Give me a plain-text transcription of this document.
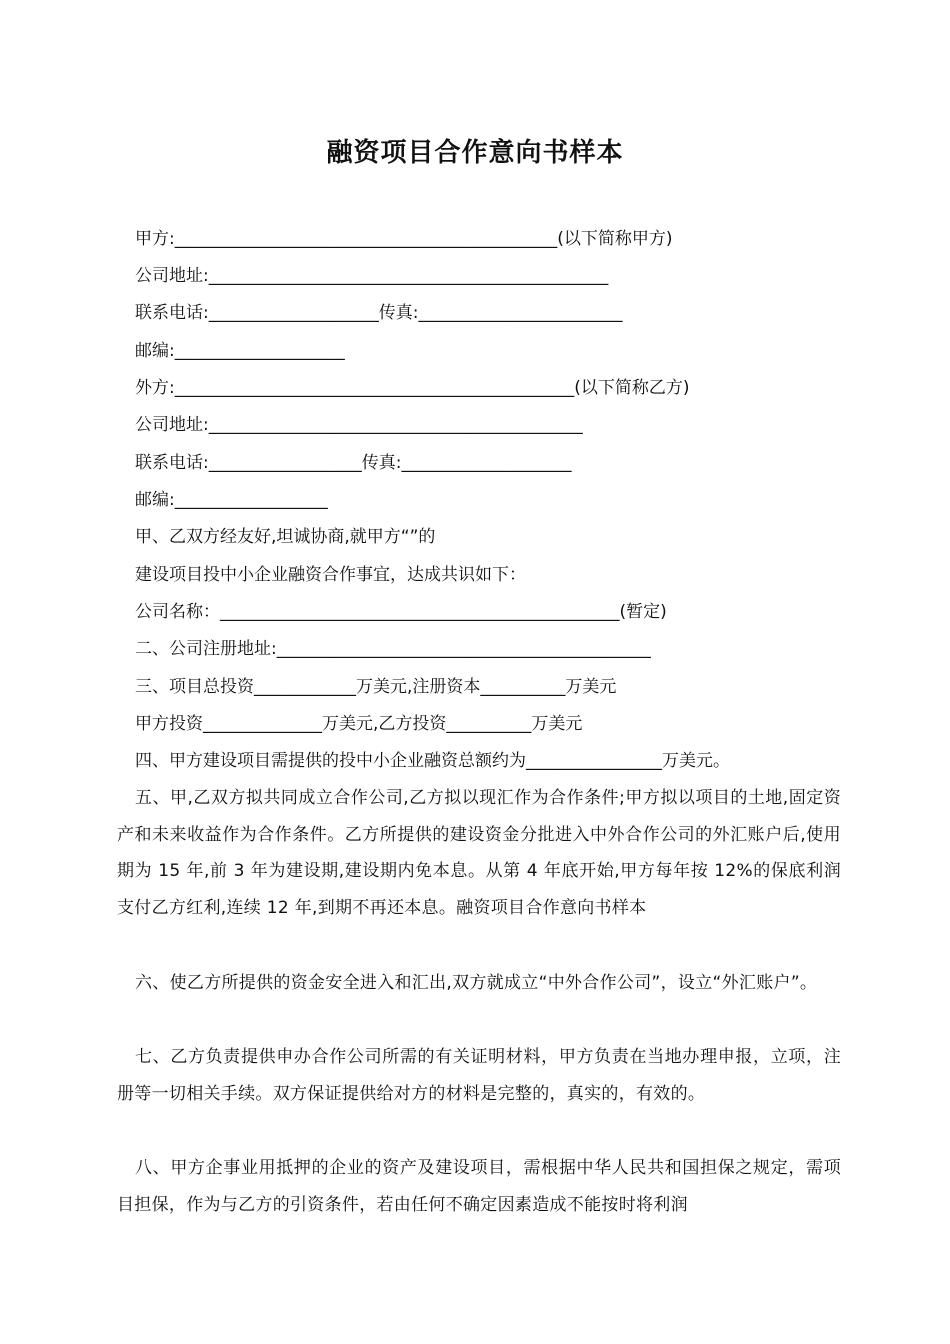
融资项目合作意向书样本
甲方:_____________________________________________(以下简称甲方)
公司地址:_______________________________________________
联系电话:____________________传真:________________________
邮编:____________________
外方:_______________________________________________(以下简称乙方)
公司地址:____________________________________________
联系电话:__________________传真:____________________
邮编:__________________
甲、乙双方经友好,坦诚协商,就甲方“”的
建设项目投中小企业融资合作事宜，达成共识如下：
公司名称：_______________________________________________(暂定)
二、公司注册地址:____________________________________________
三、项目总投资____________万美元,注册资本__________万美元
甲方投资______________万美元,乙方投资__________万美元
四、甲方建设项目需提供的投中小企业融资总额约为________________万美元。
五、甲,乙双方拟共同成立合作公司,乙方拟以现汇作为合作条件;甲方拟以项目的土地,固定资产和未来收益作为合作条件。乙方所提供的建设资金分批进入中外合作公司的外汇账户后,使用期为 15 年,前 3 年为建设期,建设期内免本息。从第 4 年底开始,甲方每年按 12%的保底利润支付乙方红利,连续 12 年,到期不再还本息。融资项目合作意向书样本
六、使乙方所提供的资金安全进入和汇出,双方就成立“中外合作公司”，设立“外汇账户”。
七、乙方负责提供申办合作公司所需的有关证明材料，甲方负责在当地办理申报，立项，注册等一切相关手续。双方保证提供给对方的材料是完整的，真实的，有效的。
八、甲方企事业用抵押的企业的资产及建设项目，需根据中华人民共和国担保之规定，需项目担保，作为与乙方的引资条件，若由任何不确定因素造成不能按时将利润
